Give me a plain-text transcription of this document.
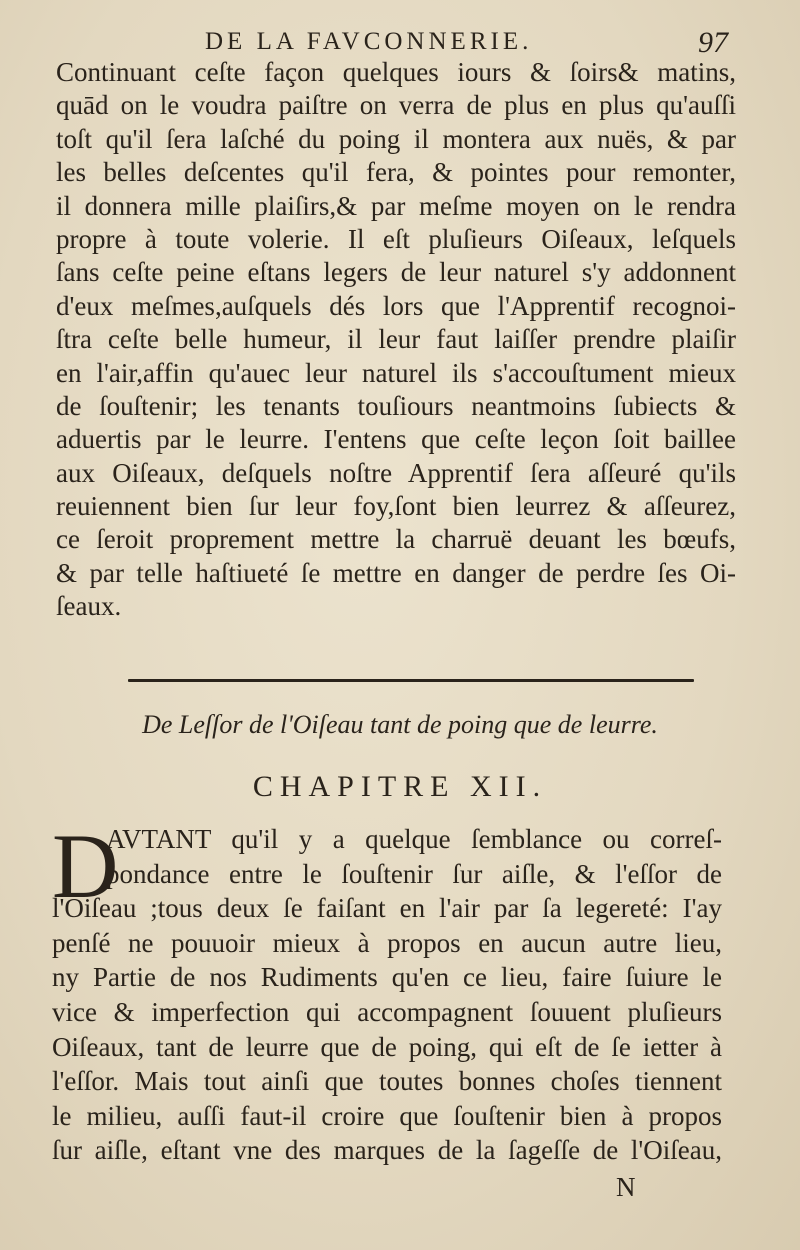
DE LA FAVCONNERIE.	97
Continuant ceſte façon quelques iours & ſoirs& matins,
quād on le voudra paiſtre on verra de plus en plus qu'auſſi
toſt qu'il ſera laſché du poing il montera aux nuës, & par
les belles deſcentes qu'il fera, & pointes pour remonter,
il donnera mille plaiſirs,& par meſme moyen on le rendra
propre à toute volerie. Il eſt pluſieurs Oiſeaux, leſquels
ſans ceſte peine eſtans legers de leur naturel s'y addonnent
d'eux meſmes,auſquels dés lors que l'Apprentif recognoi-
ſtra ceſte belle humeur, il leur faut laiſſer prendre plaiſir
en l'air,affin qu'auec leur naturel ils s'accouſtument mieux
de ſouſtenir; les tenants touſiours neantmoins ſubiects &
aduertis par le leurre. I'entens que ceſte leçon ſoit baillee
aux Oiſeaux, deſquels noſtre Apprentif ſera aſſeuré qu'ils
reuiennent bien ſur leur foy,ſont bien leurrez & aſſeurez,
ce ſeroit proprement mettre la charruë deuant les bœufs,
& par telle haſtiueté ſe mettre en danger de perdre ſes Oi-
ſeaux.
De Leſſor de l'Oiſeau tant de poing que de leurre.
CHAPITRE XII.
D
AVTANT qu'il y a quelque ſemblance ou correſ-
pondance entre le ſouſtenir ſur aiſle, & l'eſſor de
l'Oiſeau ;tous deux ſe faiſant en l'air par ſa legereté: I'ay
penſé ne pouuoir mieux à propos en aucun autre lieu,
ny Partie de nos Rudiments qu'en ce lieu, faire ſuiure le
vice & imperfection qui accompagnent ſouuent pluſieurs
Oiſeaux, tant de leurre que de poing, qui eſt de ſe ietter à
l'eſſor. Mais tout ainſi que toutes bonnes choſes tiennent
le milieu, auſſi faut-il croire que ſouſtenir bien à propos
ſur aiſle, eſtant vne des marques de la ſageſſe de l'Oiſeau,
N
